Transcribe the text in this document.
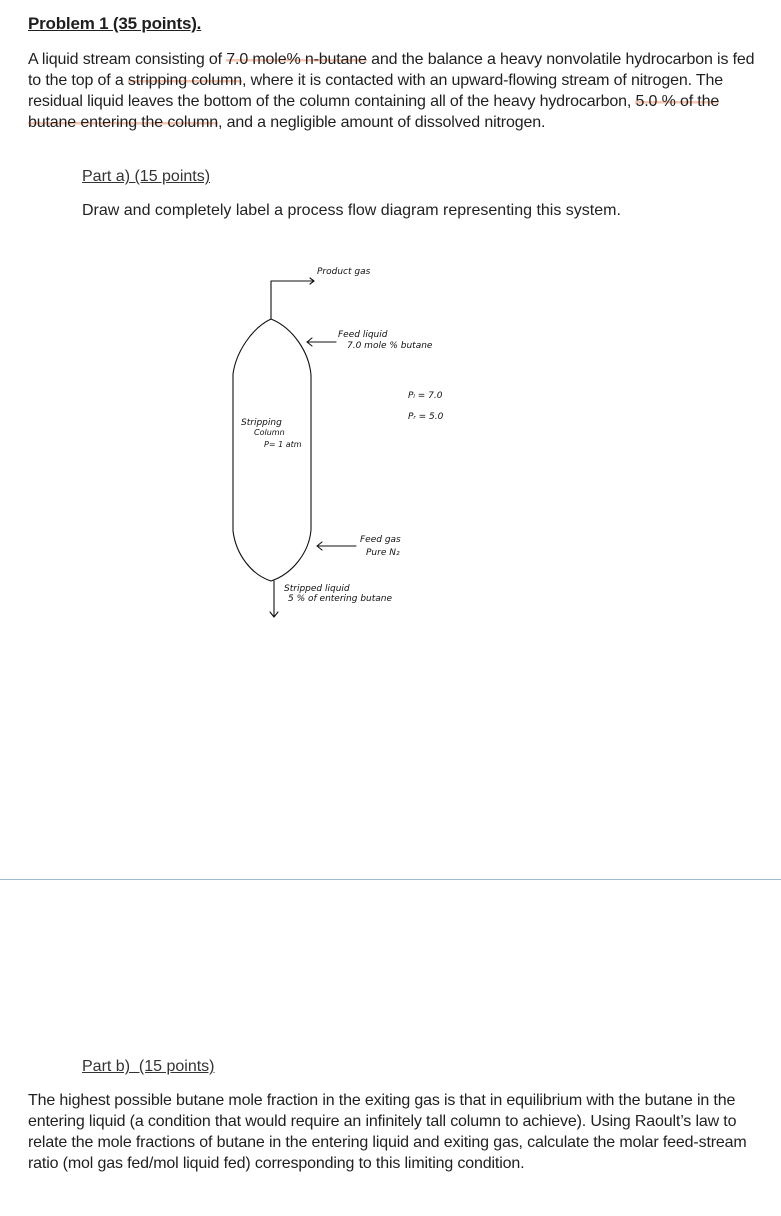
Problem 1 (35 points).
A liquid stream consisting of 7.0 mole% n-butane and the balance a heavy nonvolatile hydrocarbon is fed to the top of a stripping column, where it is contacted with an upward-flowing stream of nitrogen. The residual liquid leaves the bottom of the column containing all of the heavy hydrocarbon, 5.0 % of the butane entering the column, and a negligible amount of dissolved nitrogen.
Part a) (15 points)
Draw and completely label a process flow diagram representing this system.
Product gas
Feed liquid
7.0 mole % butane
Pₗ = 7.0
Pᵣ = 5.0
Stripping
Column
P= 1 atm
Feed gas
Pure N₂
Stripped liquid
5 % of entering butane
Part b)  (15 points)
The highest possible butane mole fraction in the exiting gas is that in equilibrium with the butane in the entering liquid (a condition that would require an infinitely tall column to achieve). Using Raoult’s law to relate the mole fractions of butane in the entering liquid and exiting gas, calculate the molar feed-stream ratio (mol gas fed/mol liquid fed) corresponding to this limiting condition.
